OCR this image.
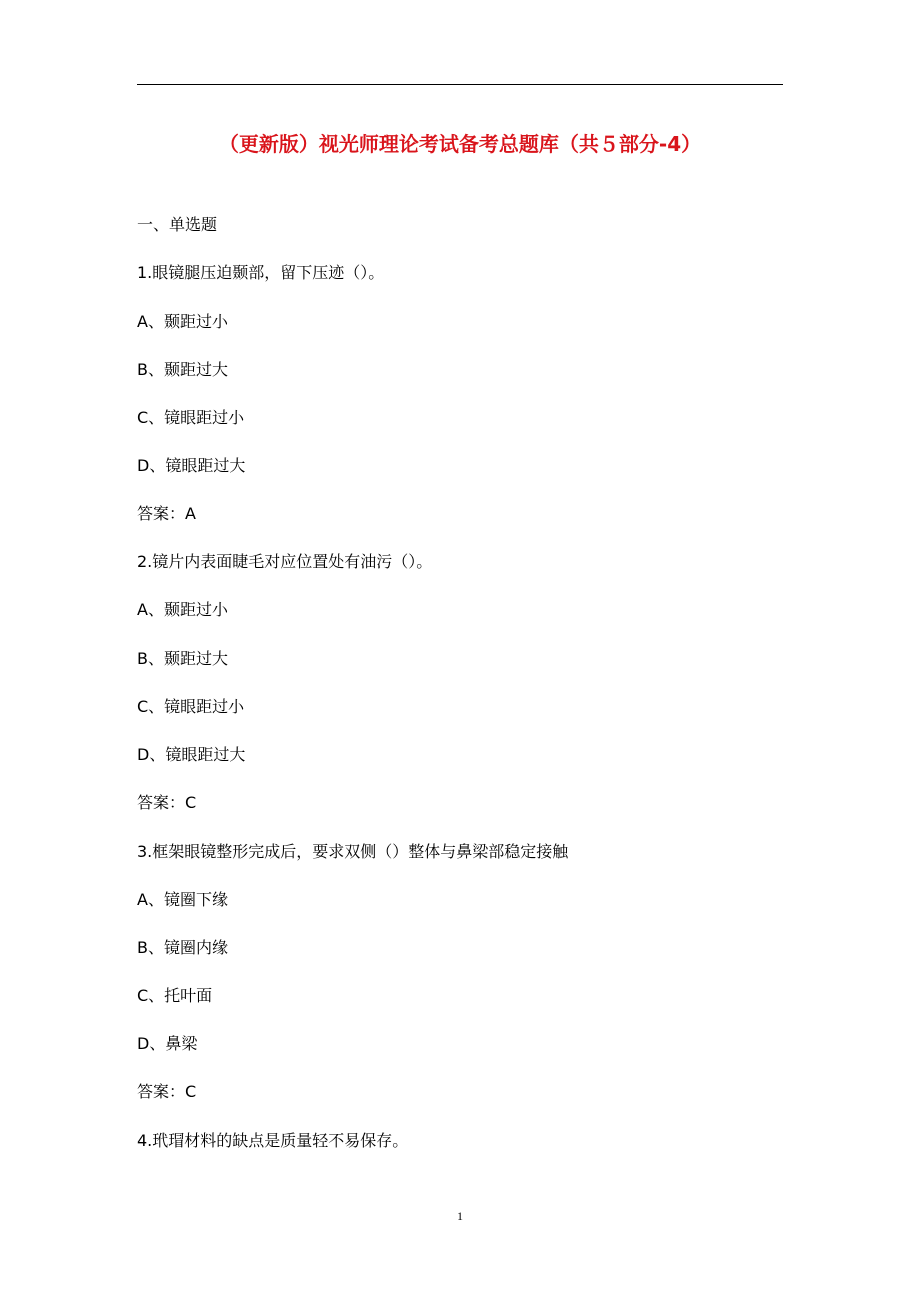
（更新版）视光师理论考试备考总题库（共５部分-4）
一、单选题
1.眼镜腿压迫颞部，留下压迹（）。
A、颞距过小
B、颞距过大
C、镜眼距过小
D、镜眼距过大
答案：A
2.镜片内表面睫毛对应位置处有油污（）。
A、颞距过小
B、颞距过大
C、镜眼距过小
D、镜眼距过大
答案：C
3.框架眼镜整形完成后，要求双侧（）整体与鼻梁部稳定接触
A、镜圈下缘
B、镜圈内缘
C、托叶面
D、鼻梁
答案：C
4.玳瑁材料的缺点是质量轻不易保存。
1
